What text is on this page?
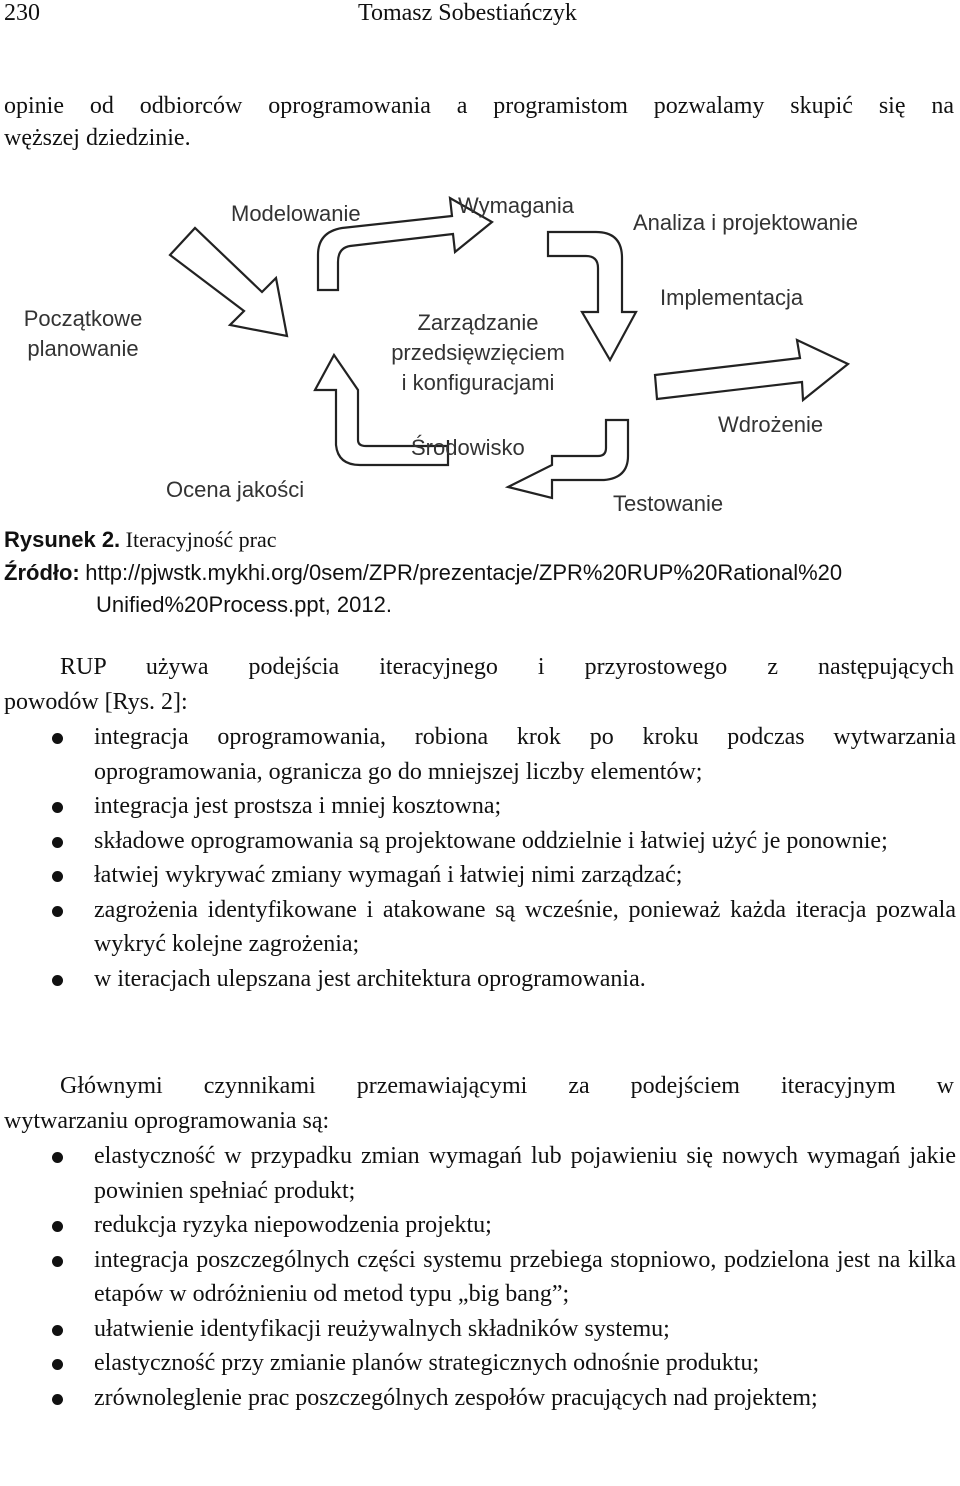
230	Tomasz Sobestiańczyk
opinie od odbiorców oprogramowania a programistom pozwalamy skupić się na
węższej dziedzinie.
Modelowanie	Wymagania
Analiza i projektowanie
Początkowe
planowanie
Zarządzanie
przedsięwzięciem
i konfiguracjami
Implementacja
Wdrożenie
Środowisko
Ocena jakości
Testowanie
Rysunek 2. Iteracyjność prac
Źródło: http://pjwstk.mykhi.org/0sem/ZPR/prezentacje/ZPR%20RUP%20Rational%20
Unified%20Process.ppt, 2012.
RUP używa podejścia iteracyjnego i przyrostowego z następujących
powodów [Rys. 2]:
integracja oprogramowania, robiona krok po kroku podczas wytwarzania oprogramowania, ogranicza go do mniejszej liczby elementów;
integracja jest prostsza i mniej kosztowna;
składowe oprogramowania są projektowane oddzielnie i łatwiej użyć je ponownie;
łatwiej wykrywać zmiany wymagań i łatwiej nimi zarządzać;
zagrożenia identyfikowane i atakowane są wcześnie, ponieważ każda iteracja pozwala wykryć kolejne zagrożenia;
w iteracjach ulepszana jest architektura oprogramowania.
Głównymi czynnikami przemawiającymi za podejściem iteracyjnym w
wytwarzaniu oprogramowania są:
elastyczność w przypadku zmian wymagań lub pojawieniu się nowych wymagań jakie powinien spełniać produkt;
redukcja ryzyka niepowodzenia projektu;
integracja poszczególnych części systemu przebiega stopniowo, podzielona jest na kilka etapów w odróżnieniu od metod typu „big bang”;
ułatwienie identyfikacji reużywalnych składników systemu;
elastyczność przy zmianie planów strategicznych odnośnie produktu;
zrównoleglenie prac poszczególnych zespołów pracujących nad projektem;
